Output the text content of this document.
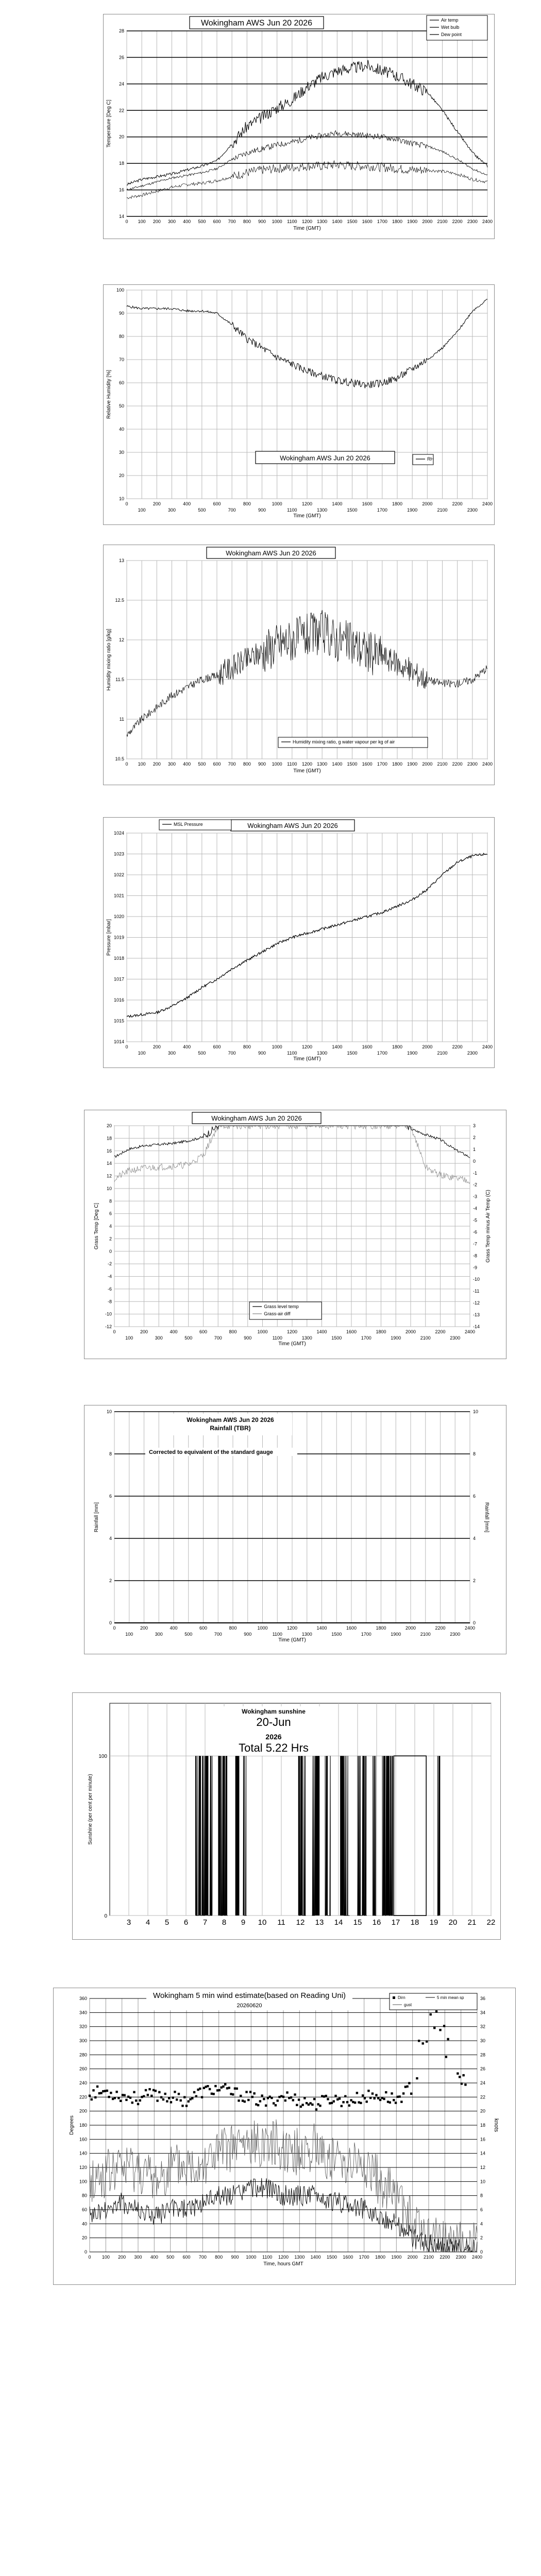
0 100 200 300 400 500 600 700 800 900 1000 1100 1200 1300 1400 1500 1600 1700 1800 1900 2000 2100 2200 2300 2400
14
16
18
20
22
24
26
28
Time (GMT)
Temperature [Deg C]
Wokingham AWS Jun 20 2026	Air temp
Wet bulb
Dew point
0
100
200
300
400
500
600
700
800
900
1000
1100
1200
1300
1400
1500
1600
1700
1800
1900
2000
2100
2200
2300
2400
10
20
30
40
50
60
70
80
90
100
Time (GMT)
Relative Humidity [%]
Wokingham AWS Jun 20 2026	RH
0 100 200 300 400 500 600 700 800 900 1000 1100 1200 1300 1400 1500 1600 1700 1800 1900 2000 2100 2200 2300 2400
10.5
11
11.5
12
12.5
13
Time (GMT)
Humidity mixing ratio [g/kg]
Wokingham AWS Jun 20 2026
Humidity mixing ratio, g water vapour per kg of air
0
100
200
300
400
500
600
700
800
900
1000
1100
1200
1300
1400
1500
1600
1700
1800
1900
2000
2100
2200
2300
2400
1014
1015
1016
1017
1018
1019
1020
1021
1022
1023
1024
Time (GMT)
Pressure [mbar]
Wokingham AWS Jun 20 2026
MSL Pressure
0
100
200
300
400
500
600
700
800
900
1000
1100
1200
1300
1400
1500
1600
1700
1800
1900
2000
2100
2200
2300
2400
-12
-10
-8
-6
-4
-2
0
2
4
6
8
10
12
14
16
18
20
Time (GMT)
Grass Temp [Deg C]
-14
-13
-12
-11
-10
-9
-8
-7
-6
-5
-4
-3
-2
-1
0
1
2
3
Grass Temp minus Air Temp (C)
Wokingham AWS Jun 20 2026
Grass level temp
Grass-air diff
0
100
200
300
400
500
600
700
800
900
1000
1100
1200
1300
1400
1500
1600
1700
1800
1900
2000
2100
2200
2300
2400
0
2
4
6
8
10
Time (GMT)
Rainfall [mm]
0
2
4
6
8
10
Rainfall [mm]
Wokingham AWS Jun 20 2026
Rainfall (TBR)
Corrected to equivalent of the standard gauge
3 4 5 6 7 8 9 10 11 12 13 14 15 16 17 18 19 20 21 22
0
100
Sunshine (per cent per minute)
Wokingham sunshine
20-Jun
2026
Total 5.22 Hrs
0 100 200 300 400 500 600 700 800 900 1000 1100 1200 1300 1400 1500 1600 1700 1800 1900 2000 2100 2200 2300 2400
0
20
40
60
80
100
120
140
160
180
200
220
240
260
280
300
320
340
360
Time, hours GMT
Degrees
0
2
4
6
8
10
12
14
16
18
20
22
24
26
28
30
32
34
36
knots
Wokingham 5 min wind estimate(based on Reading Uni)
20260620
Dirn	5 min mean sp
gust
